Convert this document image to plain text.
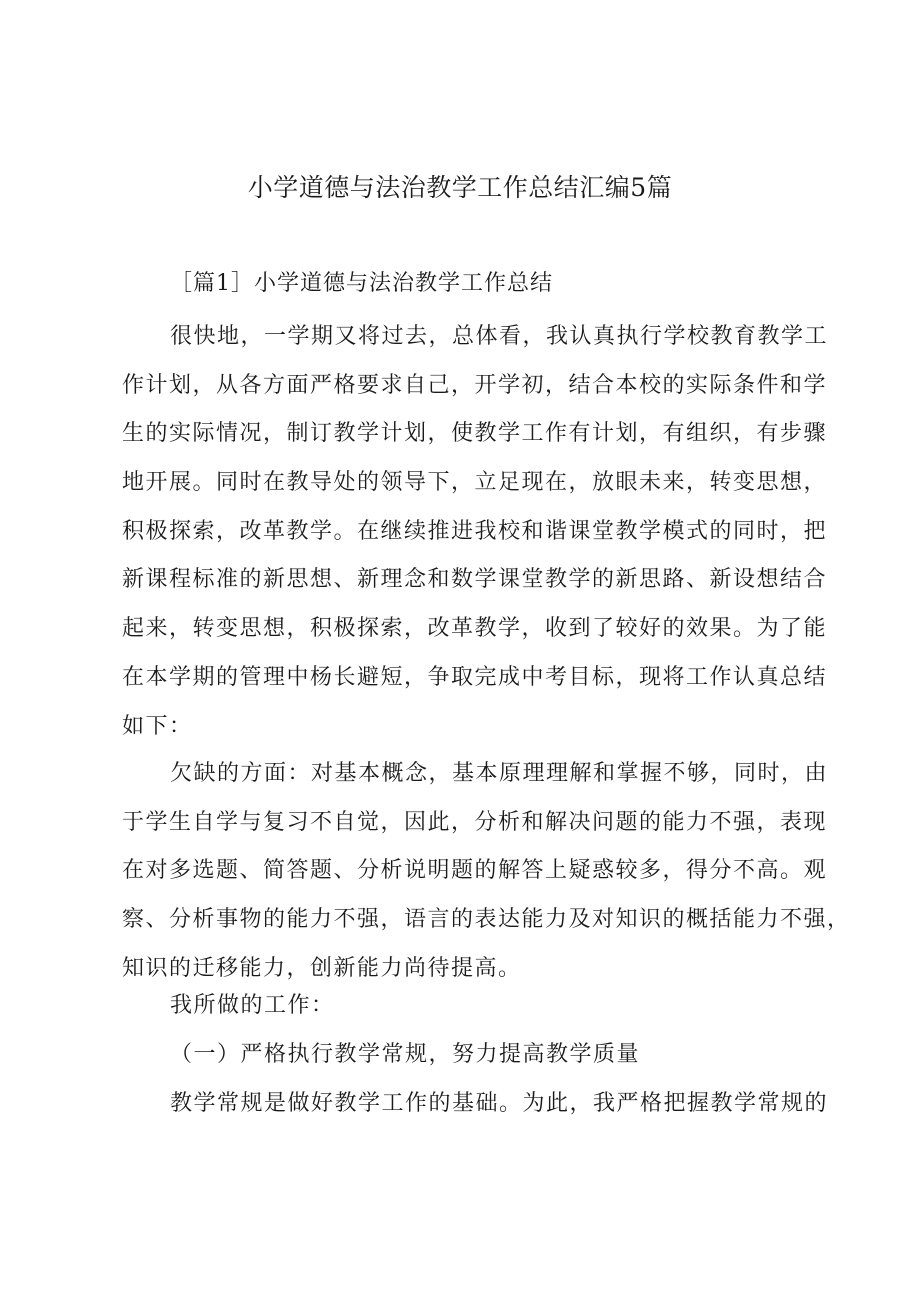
小学道德与法治教学工作总结汇编5篇
［篇1］小学道德与法治教学工作总结
很快地，一学期又将过去，总体看，我认真执行学校教育教学工
作计划，从各方面严格要求自己，开学初，结合本校的实际条件和学
生的实际情况，制订教学计划，使教学工作有计划，有组织，有步骤
地开展。同时在教导处的领导下，立足现在，放眼未来，转变思想，
积极探索，改革教学。在继续推进我校和谐课堂教学模式的同时，把
新课程标准的新思想、新理念和数学课堂教学的新思路、新设想结合
起来，转变思想，积极探索，改革教学，收到了较好的效果。为了能
在本学期的管理中杨长避短，争取完成中考目标，现将工作认真总结
如下：
欠缺的方面：对基本概念，基本原理理解和掌握不够，同时，由
于学生自学与复习不自觉，因此，分析和解决问题的能力不强，表现
在对多选题、简答题、分析说明题的解答上疑惑较多，得分不高。观
察、分析事物的能力不强，语言的表达能力及对知识的概括能力不强，
知识的迁移能力，创新能力尚待提高。
我所做的工作：
（一）严格执行教学常规，努力提高教学质量
教学常规是做好教学工作的基础。为此，我严格把握教学常规的
